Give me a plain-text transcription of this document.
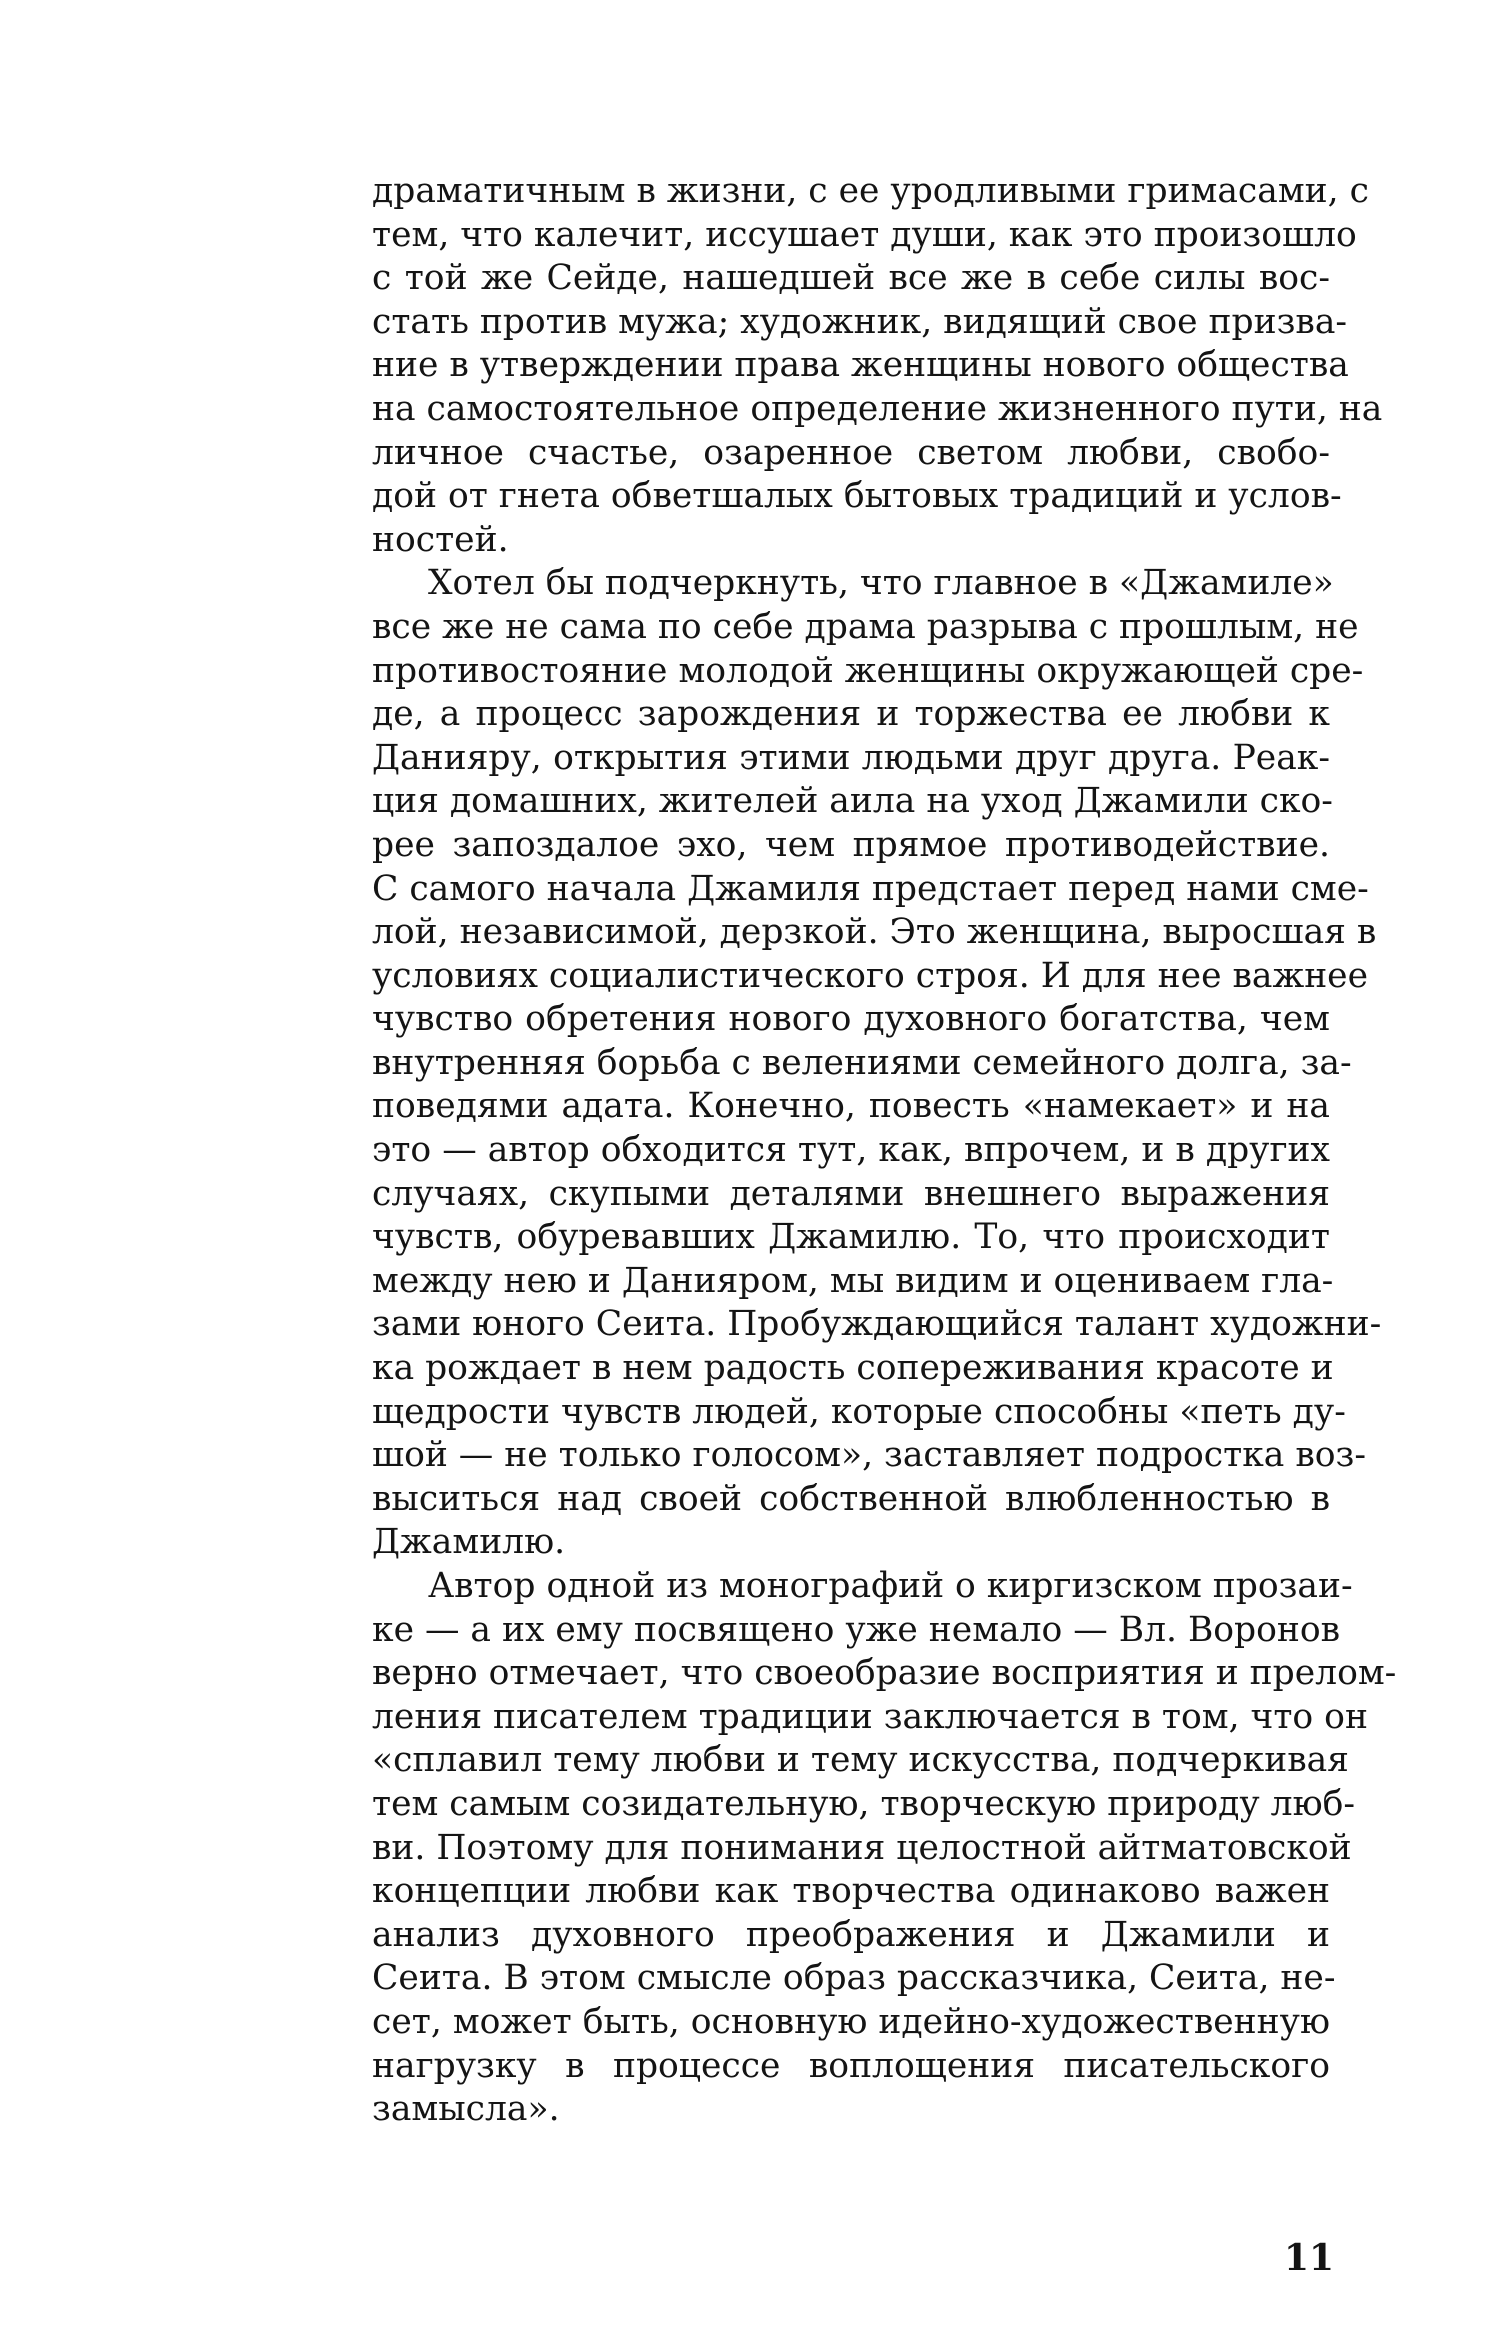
драматичным в жизни, с ее уродливыми гримасами, с
тем, что калечит, иссушает души, как это произошло
с той же Сейде, нашедшей все же в себе силы вос-
стать против мужа; художник, видящий свое призва-
ние в утверждении права женщины нового общества
на самостоятельное определение жизненного пути, на
личное счастье, озаренное светом любви, свобо-
дой от гнета обветшалых бытовых традиций и услов-
ностей.
Хотел бы подчеркнуть, что главное в «Джамиле»
все же не сама по себе драма разрыва с прошлым, не
противостояние молодой женщины окружающей сре-
де, а процесс зарождения и торжества ее любви к
Данияру, открытия этими людьми друг друга. Реак-
ция домашних, жителей аила на уход Джамили ско-
рее запоздалое эхо, чем прямое противодействие.
С самого начала Джамиля предстает перед нами сме-
лой, независимой, дерзкой. Это женщина, выросшая в
условиях социалистического строя. И для нее важнее
чувство обретения нового духовного богатства, чем
внутренняя борьба с велениями семейного долга, за-
поведями адата. Конечно, повесть «намекает» и на
это — автор обходится тут, как, впрочем, и в других
случаях, скупыми деталями внешнего выражения
чувств, обуревавших Джамилю. То, что происходит
между нею и Данияром, мы видим и оцениваем гла-
зами юного Сеита. Пробуждающийся талант художни-
ка рождает в нем радость сопереживания красоте и
щедрости чувств людей, которые способны «петь ду-
шой — не только голосом», заставляет подростка воз-
выситься над своей собственной влюбленностью в
Джамилю.
Автор одной из монографий о киргизском прозаи-
ке — а их ему посвящено уже немало — Вл. Воронов
верно отмечает, что своеобразие восприятия и прелом-
ления писателем традиции заключается в том, что он
«сплавил тему любви и тему искусства, подчеркивая
тем самым созидательную, творческую природу люб-
ви. Поэтому для понимания целостной айтматовской
концепции любви как творчества одинаково важен
анализ духовного преображения и Джамили и
Сеита. В этом смысле образ рассказчика, Сеита, не-
сет, может быть, основную идейно-художественную
нагрузку в процессе воплощения писательского
замысла».
11
